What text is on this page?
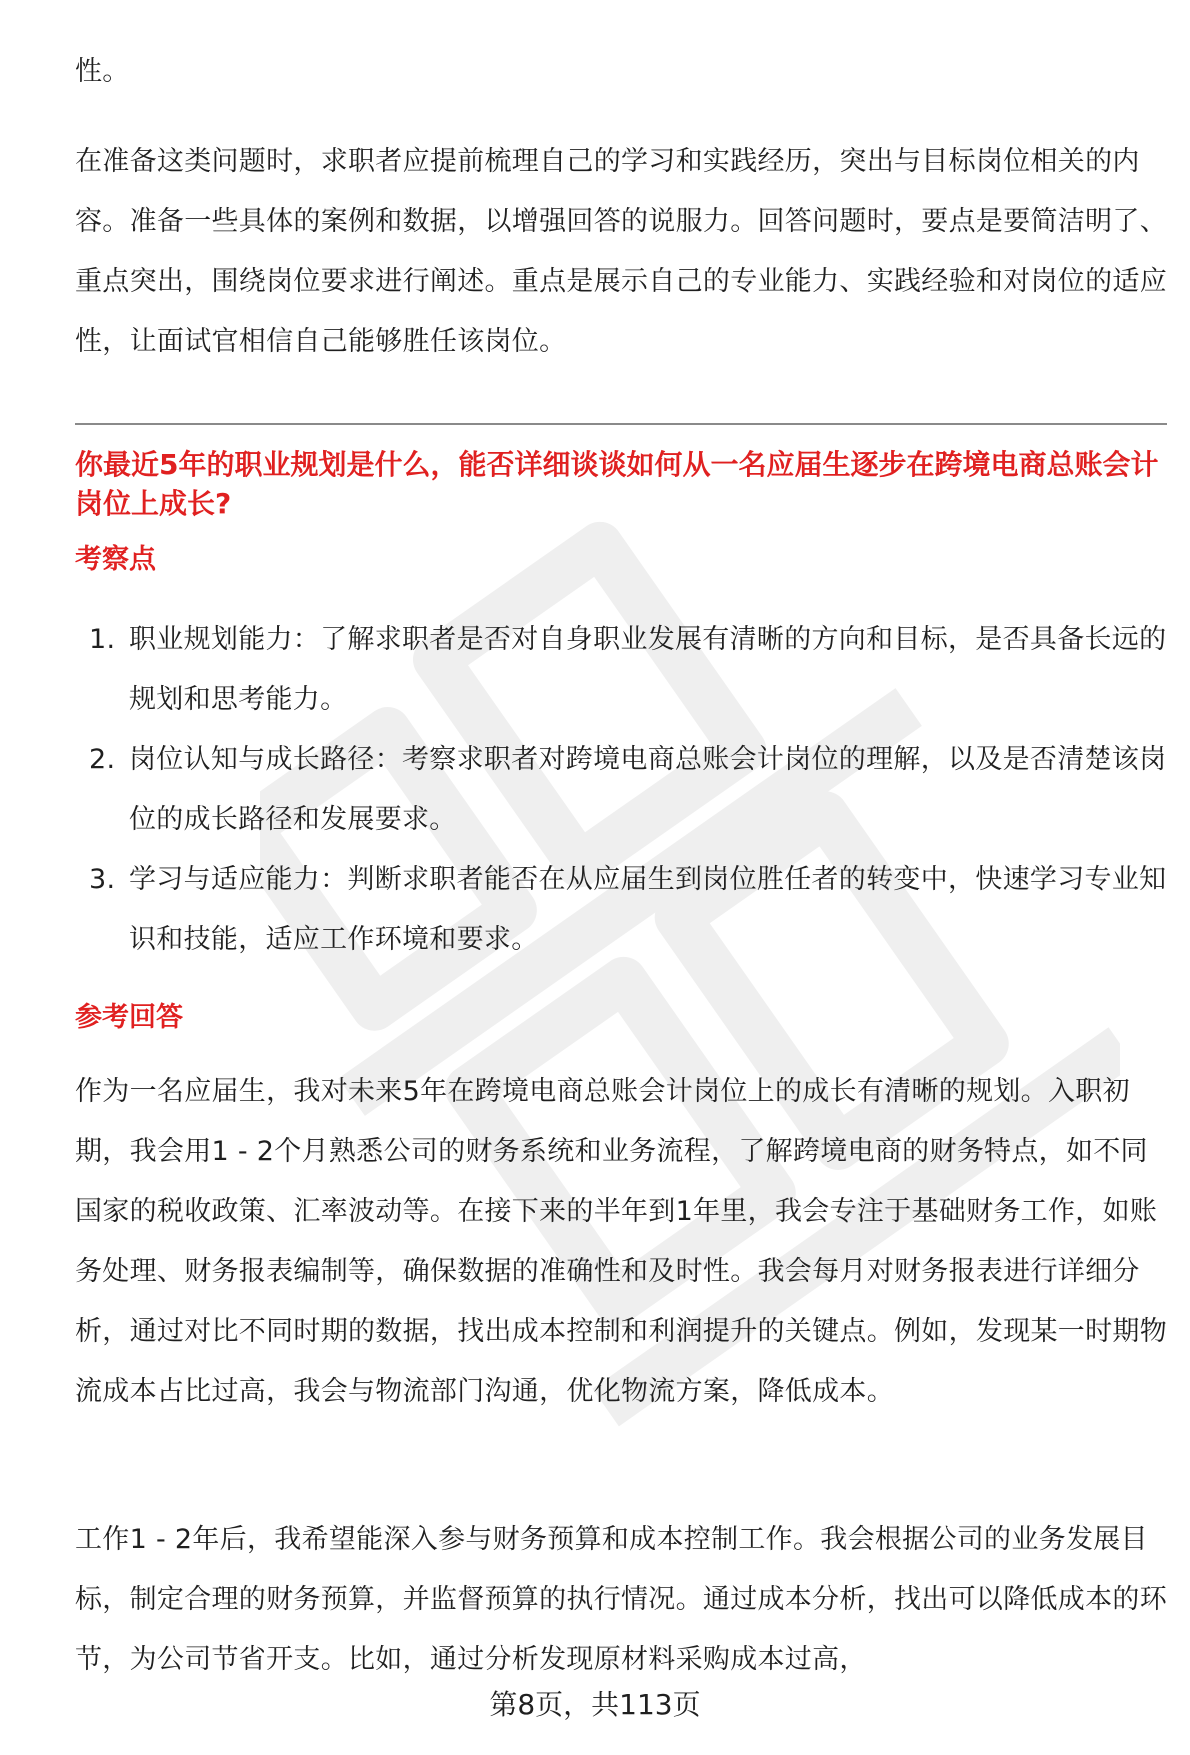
性。

在准备这类问题时，求职者应提前梳理自己的学习和实践经历，突出与目标岗位相关的内容。准备一些具体的案例和数据，以增强回答的说服力。回答问题时，要点是要简洁明了、重点突出，围绕岗位要求进行阐述。重点是展示自己的专业能力、实践经验和对岗位的适应性，让面试官相信自己能够胜任该岗位。

你最近5年的职业规划是什么，能否详细谈谈如何从一名应届生逐步在跨境电商总账会计岗位上成长?

考察点

1. 职业规划能力：了解求职者是否对自身职业发展有清晰的方向和目标，是否具备长远的规划和思考能力。
2. 岗位认知与成长路径：考察求职者对跨境电商总账会计岗位的理解，以及是否清楚该岗位的成长路径和发展要求。
3. 学习与适应能力：判断求职者能否在从应届生到岗位胜任者的转变中，快速学习专业知识和技能，适应工作环境和要求。

参考回答

作为一名应届生，我对未来5年在跨境电商总账会计岗位上的成长有清晰的规划。入职初期，我会用1 - 2个月熟悉公司的财务系统和业务流程，了解跨境电商的财务特点，如不同国家的税收政策、汇率波动等。在接下来的半年到1年里，我会专注于基础财务工作，如账务处理、财务报表编制等，确保数据的准确性和及时性。我会每月对财务报表进行详细分析，通过对比不同时期的数据，找出成本控制和利润提升的关键点。例如，发现某一时期物流成本占比过高，我会与物流部门沟通，优化物流方案，降低成本。

工作1 - 2年后，我希望能深入参与财务预算和成本控制工作。我会根据公司的业务发展目标，制定合理的财务预算，并监督预算的执行情况。通过成本分析，找出可以降低成本的环节，为公司节省开支。比如，通过分析发现原材料采购成本过高，

第8页，共113页
